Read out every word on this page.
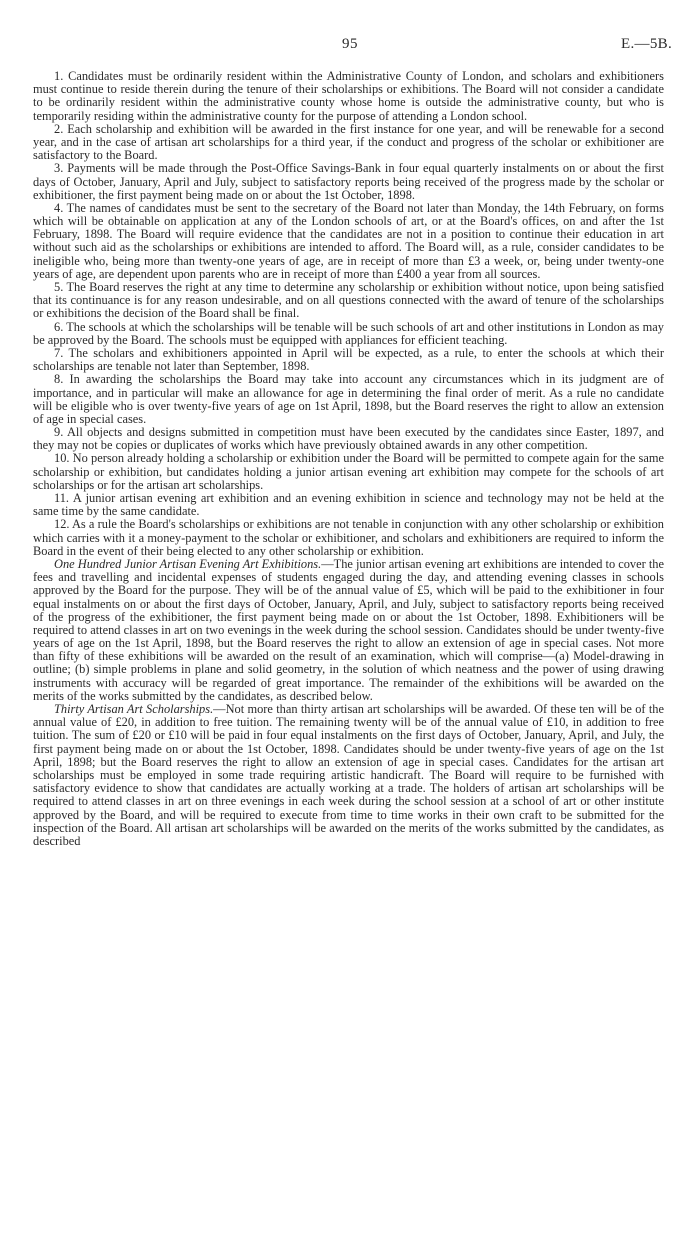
95	E.—5B.

1. Candidates must be ordinarily resident within the Administrative County of London, and scholars and exhibitioners must continue to reside therein during the tenure of their scholarships or exhibitions. The Board will not consider a candidate to be ordinarily resident within the administrative county whose home is outside the administrative county, but who is temporarily residing within the administrative county for the purpose of attending a London school.

2. Each scholarship and exhibition will be awarded in the first instance for one year, and will be renewable for a second year, and in the case of artisan art scholarships for a third year, if the conduct and progress of the scholar or exhibitioner are satisfactory to the Board.

3. Payments will be made through the Post-Office Savings-Bank in four equal quarterly instalments on or about the first days of October, January, April and July, subject to satisfactory reports being received of the progress made by the scholar or exhibitioner, the first payment being made on or about the 1st October, 1898.

4. The names of candidates must be sent to the secretary of the Board not later than Monday, the 14th February, on forms which will be obtainable on application at any of the London schools of art, or at the Board's offices, on and after the 1st February, 1898. The Board will require evidence that the candidates are not in a position to continue their education in art without such aid as the scholarships or exhibitions are intended to afford. The Board will, as a rule, consider candidates to be ineligible who, being more than twenty-one years of age, are in receipt of more than £3 a week, or, being under twenty-one years of age, are dependent upon parents who are in receipt of more than £400 a year from all sources.

5. The Board reserves the right at any time to determine any scholarship or exhibition without notice, upon being satisfied that its continuance is for any reason undesirable, and on all questions connected with the award of tenure of the scholarships or exhibitions the decision of the Board shall be final.

6. The schools at which the scholarships will be tenable will be such schools of art and other institutions in London as may be approved by the Board. The schools must be equipped with appliances for efficient teaching.

7. The scholars and exhibitioners appointed in April will be expected, as a rule, to enter the schools at which their scholarships are tenable not later than September, 1898.

8. In awarding the scholarships the Board may take into account any circumstances which in its judgment are of importance, and in particular will make an allowance for age in determining the final order of merit. As a rule no candidate will be eligible who is over twenty-five years of age on 1st April, 1898, but the Board reserves the right to allow an extension of age in special cases.

9. All objects and designs submitted in competition must have been executed by the candidates since Easter, 1897, and they may not be copies or duplicates of works which have previously obtained awards in any other competition.

10. No person already holding a scholarship or exhibition under the Board will be permitted to compete again for the same scholarship or exhibition, but candidates holding a junior artisan evening art exhibition may compete for the schools of art scholarships or for the artisan art scholarships.

11. A junior artisan evening art exhibition and an evening exhibition in science and technology may not be held at the same time by the same candidate.

12. As a rule the Board's scholarships or exhibitions are not tenable in conjunction with any other scholarship or exhibition which carries with it a money-payment to the scholar or exhibitioner, and scholars and exhibitioners are required to inform the Board in the event of their being elected to any other scholarship or exhibition.

One Hundred Junior Artisan Evening Art Exhibitions.—The junior artisan evening art exhibitions are intended to cover the fees and travelling and incidental expenses of students engaged during the day, and attending evening classes in schools approved by the Board for the purpose. They will be of the annual value of £5, which will be paid to the exhibitioner in four equal instalments on or about the first days of October, January, April, and July, subject to satisfactory reports being received of the progress of the exhibitioner, the first payment being made on or about the 1st October, 1898. Exhibitioners will be required to attend classes in art on two evenings in the week during the school session. Candidates should be under twenty-five years of age on the 1st April, 1898, but the Board reserves the right to allow an extension of age in special cases. Not more than fifty of these exhibitions will be awarded on the result of an examination, which will comprise—(a) Model-drawing in outline; (b) simple problems in plane and solid geometry, in the solution of which neatness and the power of using drawing instruments with accuracy will be regarded of great importance. The remainder of the exhibitions will be awarded on the merits of the works submitted by the candidates, as described below.

Thirty Artisan Art Scholarships.—Not more than thirty artisan art scholarships will be awarded. Of these ten will be of the annual value of £20, in addition to free tuition. The remaining twenty will be of the annual value of £10, in addition to free tuition. The sum of £20 or £10 will be paid in four equal instalments on the first days of October, January, April, and July, the first payment being made on or about the 1st October, 1898. Candidates should be under twenty-five years of age on the 1st April, 1898; but the Board reserves the right to allow an extension of age in special cases. Candidates for the artisan art scholarships must be employed in some trade requiring artistic handicraft. The Board will require to be furnished with satisfactory evidence to show that candidates are actually working at a trade. The holders of artisan art scholarships will be required to attend classes in art on three evenings in each week during the school session at a school of art or other institute approved by the Board, and will be required to execute from time to time works in their own craft to be submitted for the inspection of the Board. All artisan art scholarships will be awarded on the merits of the works submitted by the candidates, as described
